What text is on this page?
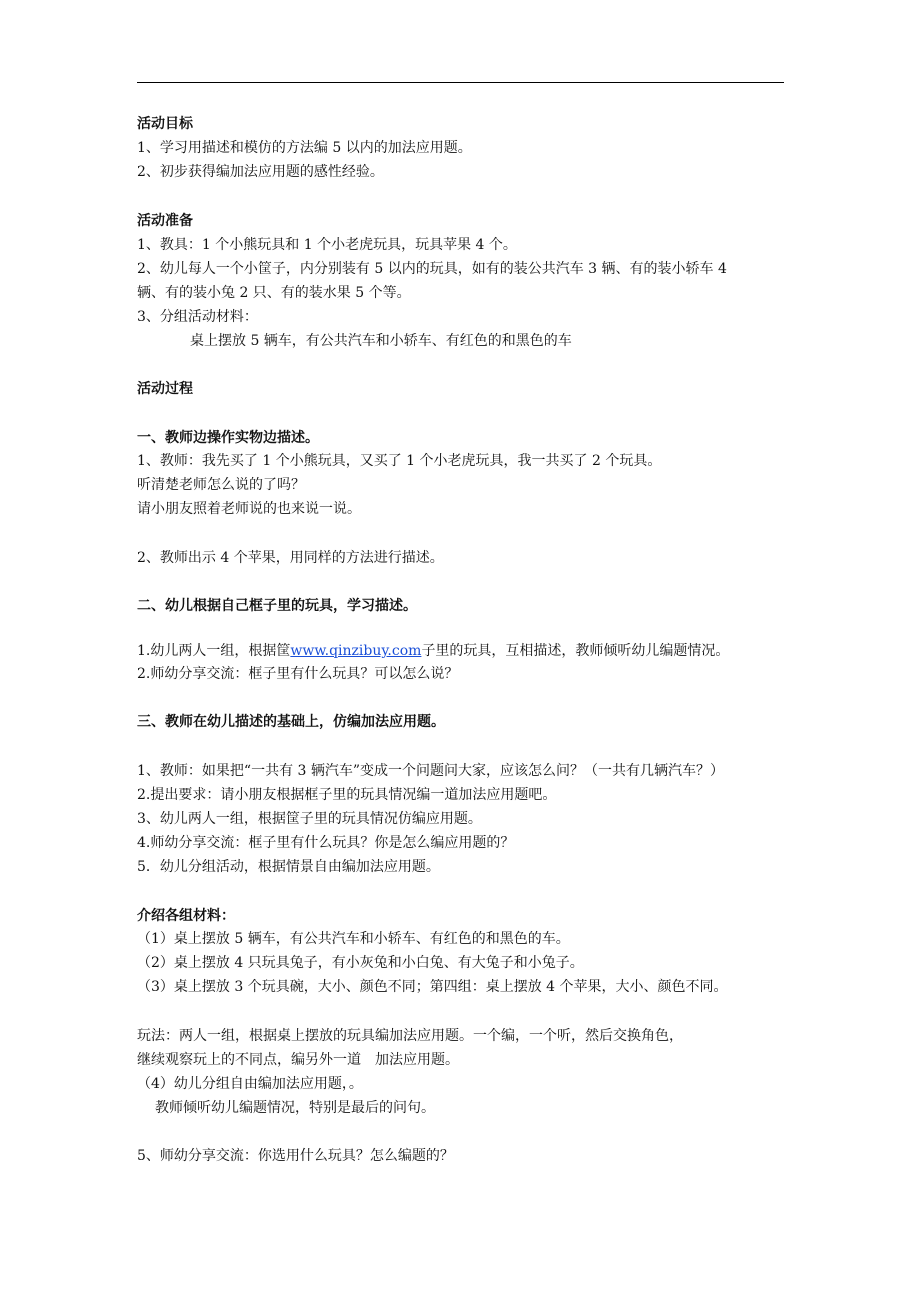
活动目标
1、学习用描述和模仿的方法编 5 以内的加法应用题。
2、初步获得编加法应用题的感性经验。
活动准备
1、教具：1 个小熊玩具和 1 个小老虎玩具，玩具苹果 4 个。
2、幼儿每人一个小筐子，内分别装有 5 以内的玩具，如有的装公共汽车 3 辆、有的装小轿车 4
辆、有的装小兔 2 只、有的装水果 5 个等。
3、分组活动材料：
桌上摆放 5 辆车，有公共汽车和小轿车、有红色的和黑色的车
活动过程
一、教师边操作实物边描述。
1、教师：我先买了 1 个小熊玩具，又买了 1 个小老虎玩具，我一共买了 2 个玩具。
听清楚老师怎么说的了吗？
请小朋友照着老师说的也来说一说。
2、教师出示 4 个苹果，用同样的方法进行描述。
二、幼儿根据自己框子里的玩具，学习描述。
1.幼儿两人一组，根据筐www.qinzibuy.com子里的玩具，互相描述，教师倾听幼儿编题情况。
2.师幼分享交流：框子里有什么玩具？可以怎么说？
三、教师在幼儿描述的基础上，仿编加法应用题。
1、教师：如果把“一共有 3 辆汽车”变成一个问题问大家，应该怎么问？（一共有几辆汽车？）
2.提出要求：请小朋友根据框子里的玩具情况编一道加法应用题吧。
3、幼儿两人一组，根据筐子里的玩具情况仿编应用题。
4.师幼分享交流：框子里有什么玩具？你是怎么编应用题的？
5．幼儿分组活动，根据情景自由编加法应用题。
介绍各组材料：
（1）桌上摆放 5 辆车，有公共汽车和小轿车、有红色的和黑色的车。
（2）桌上摆放 4 只玩具兔子，有小灰兔和小白兔、有大兔子和小兔子。
（3）桌上摆放 3 个玩具碗，大小、颜色不同；第四组：桌上摆放 4 个苹果，大小、颜色不同。
玩法：两人一组，根据桌上摆放的玩具编加法应用题。一个编，一个听，然后交换角色，
继续观察玩上的不同点，编另外一道　加法应用题。
（4）幼儿分组自由编加法应用题，。
教师倾听幼儿编题情况，特别是最后的问句。
5、师幼分享交流：你选用什么玩具？怎么编题的？
